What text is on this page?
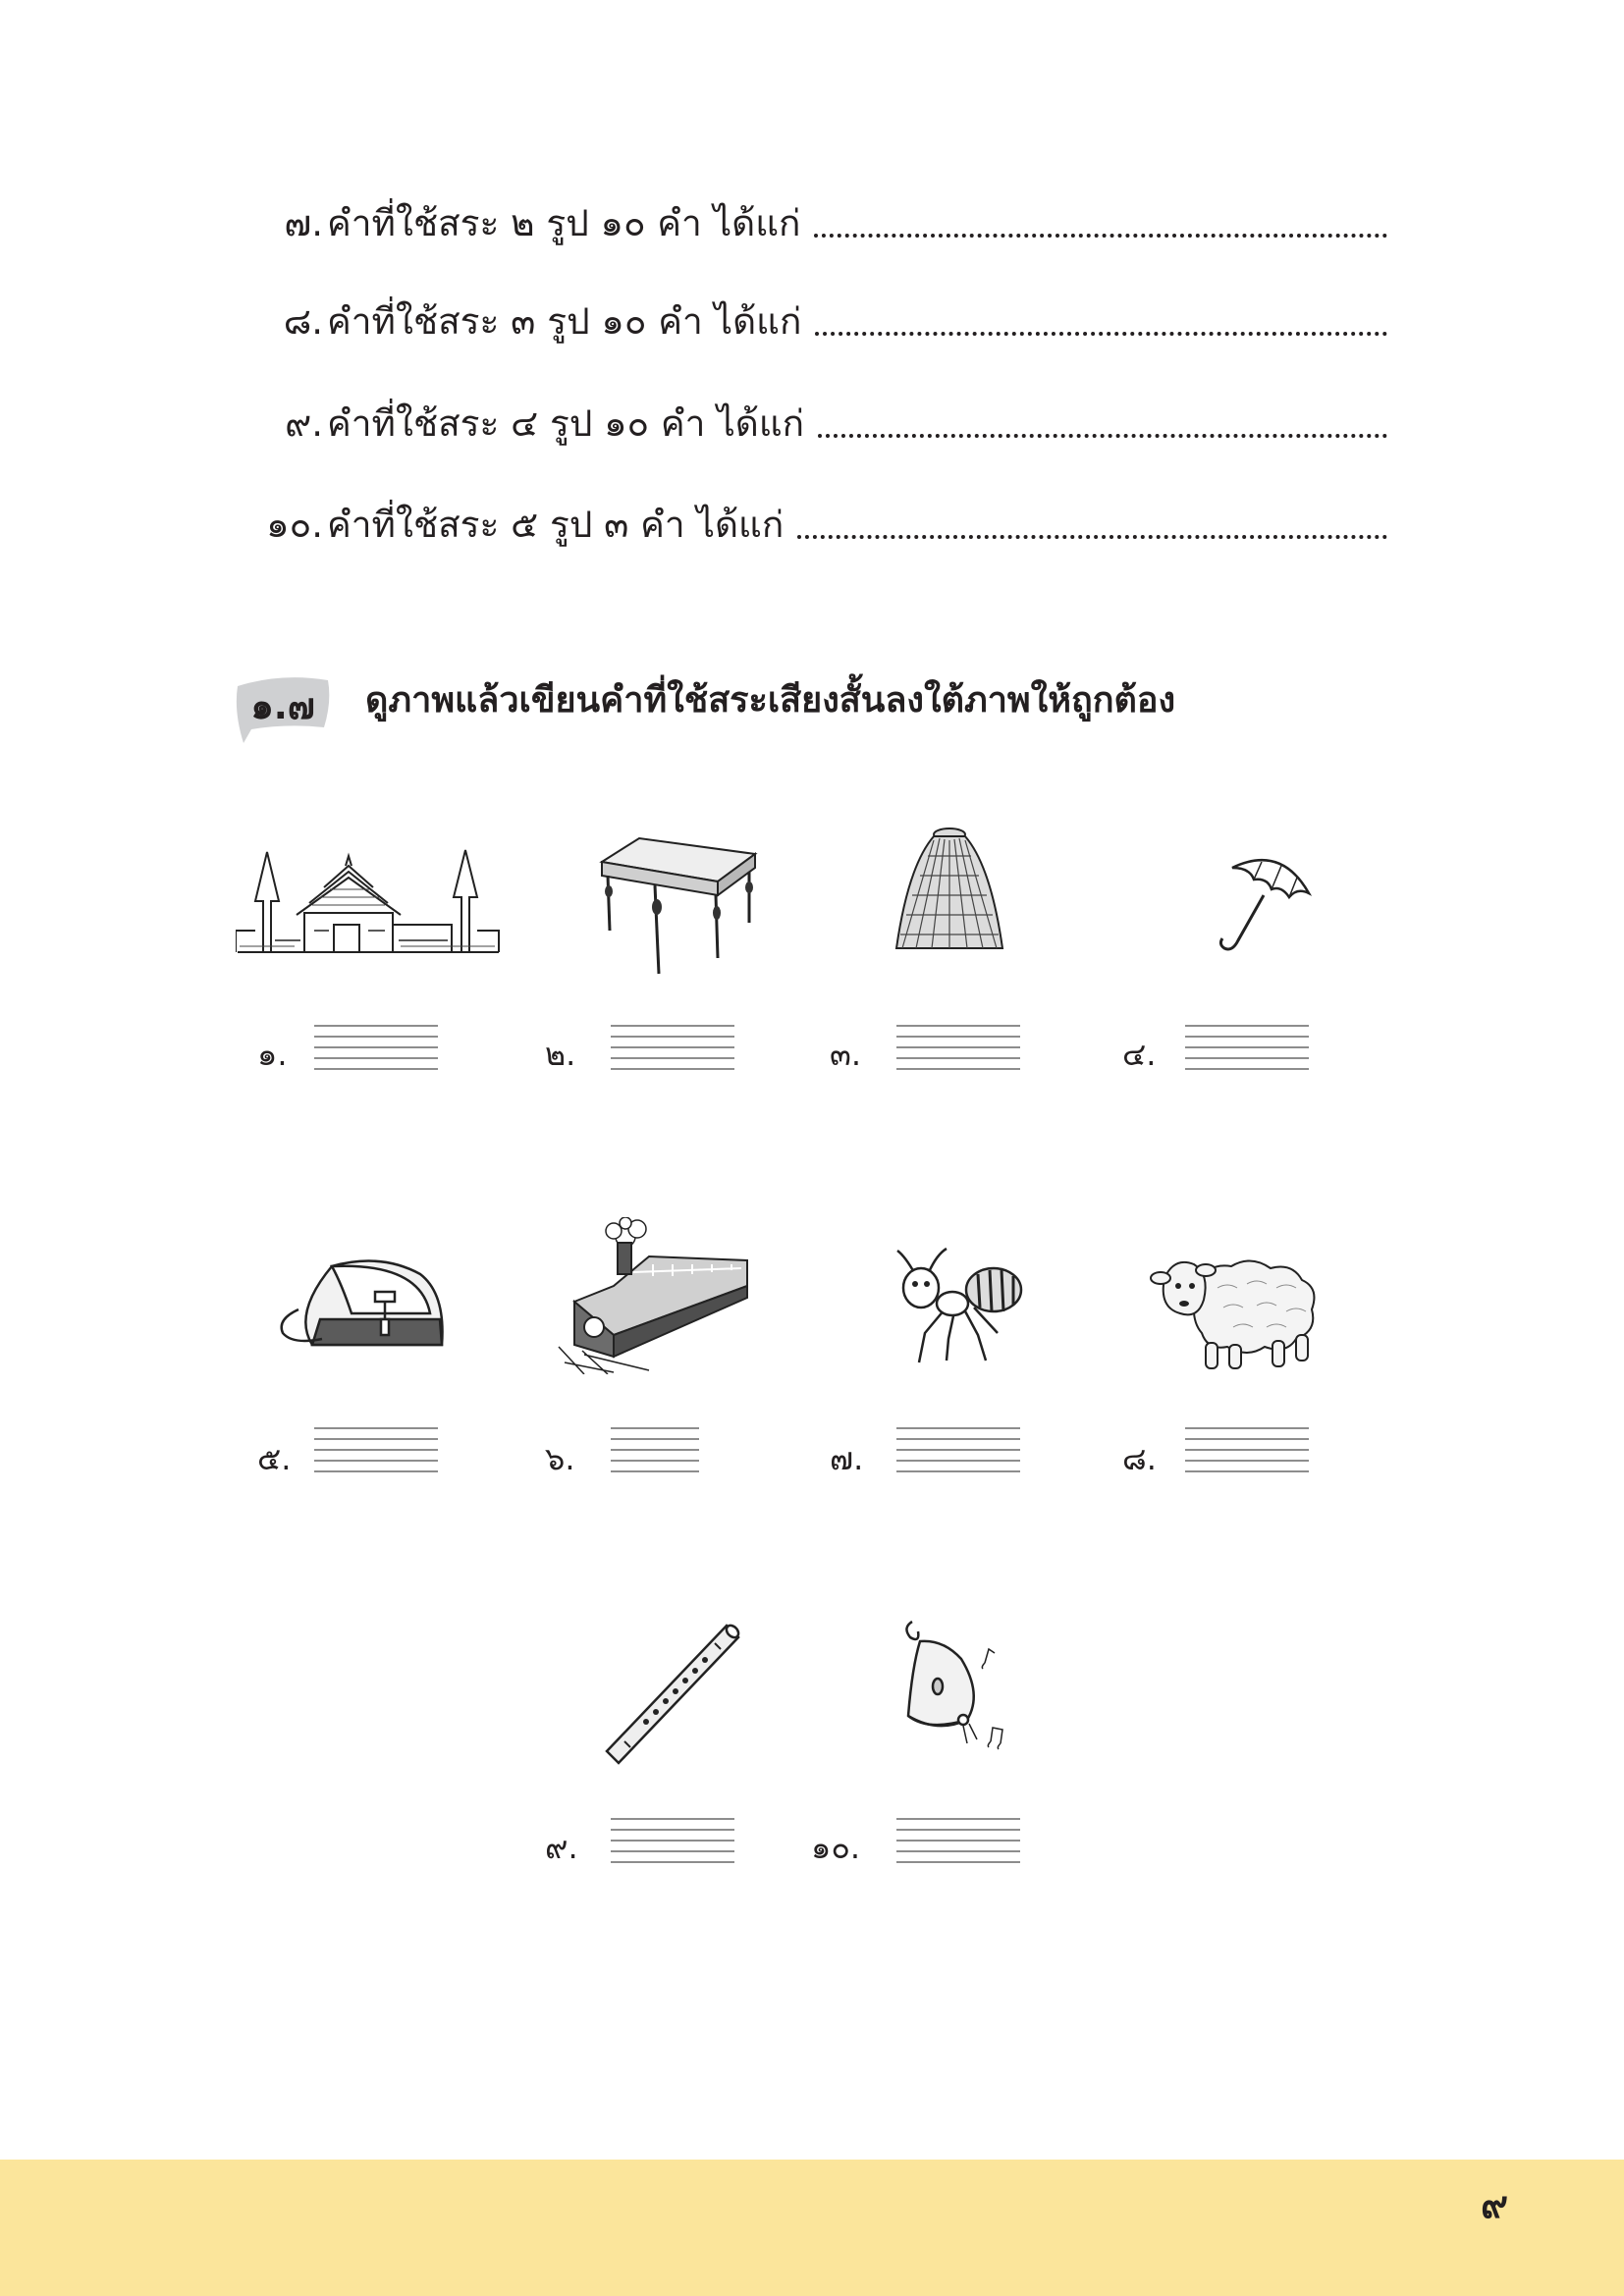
๗. คำที่ใช้สระ ๒ รูป ๑๐ คำ ได้แก่
๘. คำที่ใช้สระ ๓ รูป ๑๐ คำ ได้แก่
๙. คำที่ใช้สระ ๔ รูป ๑๐ คำ ได้แก่
๑๐. คำที่ใช้สระ ๕ รูป ๓ คำ ได้แก่
๑.๗	ดูภาพแล้วเขียนคำที่ใช้สระเสียงสั้นลงใต้ภาพให้ถูกต้อง
๑.	๒.	๓.	๔.
๕.	๖.	๗.	๘.
๙.	๑๐.
๙
